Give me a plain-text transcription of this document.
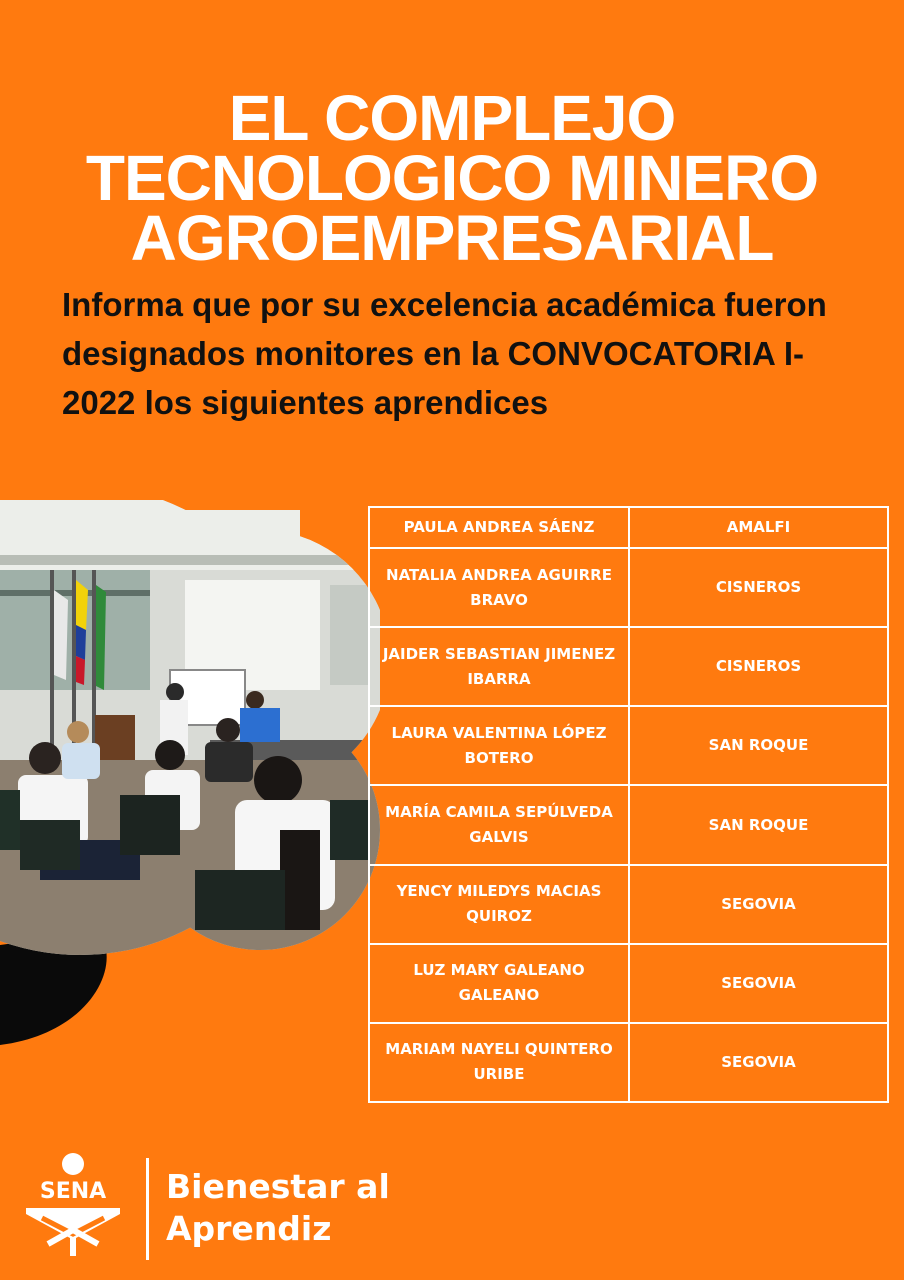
EL COMPLEJO
TECNOLOGICO MINERO
AGROEMPRESARIAL

Informa que por su excelencia académica fueron designados monitores en la CONVOCATORIA I-2022 los siguientes aprendices

PAULA ANDREA SÁENZ	AMALFI
NATALIA ANDREA AGUIRRE BRAVO	CISNEROS
JAIDER SEBASTIAN JIMENEZ IBARRA	CISNEROS
LAURA VALENTINA LÓPEZ BOTERO	SAN ROQUE
MARÍA CAMILA SEPÚLVEDA GALVIS	SAN ROQUE
YENCY MILEDYS MACIAS QUIROZ	SEGOVIA
LUZ MARY GALEANO GALEANO	SEGOVIA
MARIAM NAYELI QUINTERO URIBE	SEGOVIA
SENA Bienestar al
Aprendiz
